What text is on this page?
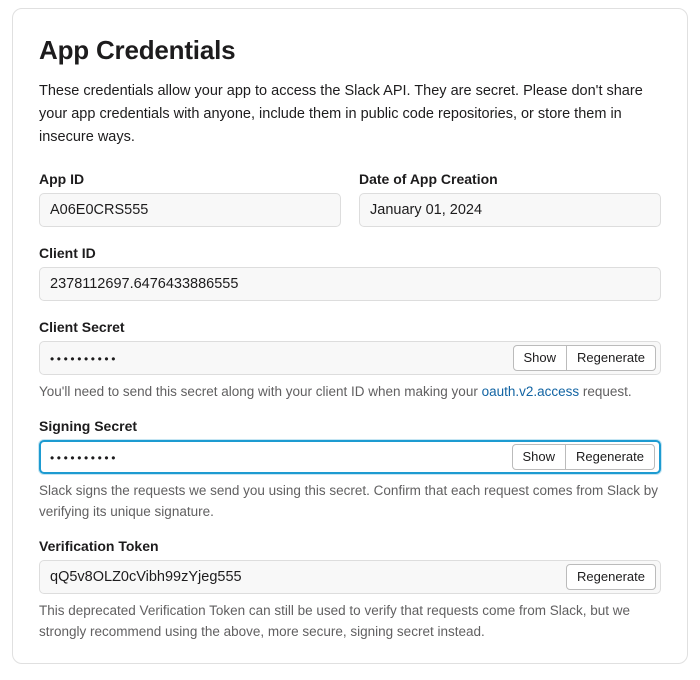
App Credentials

These credentials allow your app to access the Slack API. They are secret. Please don't share your app credentials with anyone, include them in public code repositories, or store them in insecure ways.

App ID
A06E0CRS555
Date of App Creation
January 01, 2024
Client ID
2378112697.6476433886555
Client Secret
••••••••••	Show	Regenerate

You'll need to send this secret along with your client ID when making your oauth.v2.access request.

Signing Secret
••••••••••	Show	Regenerate

Slack signs the requests we send you using this secret. Confirm that each request comes from Slack by verifying its unique signature.

Verification Token
qQ5v8OLZ0cVibh99zYjeg555	Regenerate

This deprecated Verification Token can still be used to verify that requests come from Slack, but we strongly recommend using the above, more secure, signing secret instead.
